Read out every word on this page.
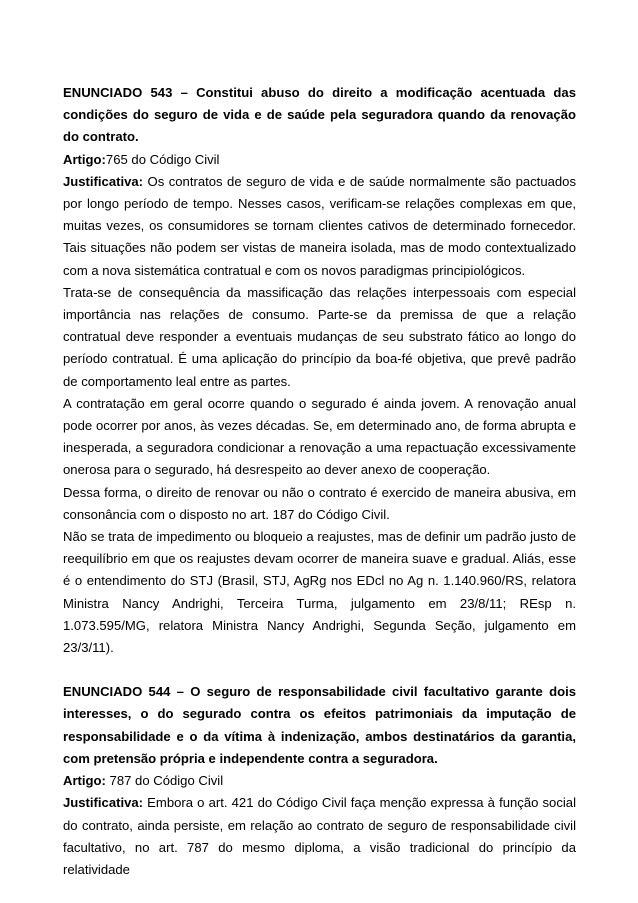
ENUNCIADO 543 – Constitui abuso do direito a modificação acentuada das condições do seguro de vida e de saúde pela seguradora quando da renovação do contrato.

Artigo:765 do Código Civil

Justificativa: Os contratos de seguro de vida e de saúde normalmente são pactuados por longo período de tempo. Nesses casos, verificam-se relações complexas em que, muitas vezes, os consumidores se tornam clientes cativos de determinado fornecedor. Tais situações não podem ser vistas de maneira isolada, mas de modo contextualizado com a nova sistemática contratual e com os novos paradigmas principiológicos.

Trata-se de consequência da massificação das relações interpessoais com especial importância nas relações de consumo. Parte-se da premissa de que a relação contratual deve responder a eventuais mudanças de seu substrato fático ao longo do período contratual. É uma aplicação do princípio da boa-fé objetiva, que prevê padrão de comportamento leal entre as partes.

A contratação em geral ocorre quando o segurado é ainda jovem. A renovação anual pode ocorrer por anos, às vezes décadas. Se, em determinado ano, de forma abrupta e inesperada, a seguradora condicionar a renovação a uma repactuação excessivamente onerosa para o segurado, há desrespeito ao dever anexo de cooperação.

Dessa forma, o direito de renovar ou não o contrato é exercido de maneira abusiva, em consonância com o disposto no art. 187 do Código Civil.

Não se trata de impedimento ou bloqueio a reajustes, mas de definir um padrão justo de reequilíbrio em que os reajustes devam ocorrer de maneira suave e gradual. Aliás, esse é o entendimento do STJ (Brasil, STJ, AgRg nos EDcl no Ag n. 1.140.960/RS, relatora Ministra Nancy Andrighi, Terceira Turma, julgamento em 23/8/11; REsp n. 1.073.595/MG, relatora Ministra Nancy Andrighi, Segunda Seção, julgamento em 23/3/11).

ENUNCIADO 544 – O seguro de responsabilidade civil facultativo garante dois interesses, o do segurado contra os efeitos patrimoniais da imputação de responsabilidade e o da vítima à indenização, ambos destinatários da garantia, com pretensão própria e independente contra a seguradora.

Artigo: 787 do Código Civil

Justificativa: Embora o art. 421 do Código Civil faça menção expressa à função social do contrato, ainda persiste, em relação ao contrato de seguro de responsabilidade civil facultativo, no art. 787 do mesmo diploma, a visão tradicional do princípio da relatividade
